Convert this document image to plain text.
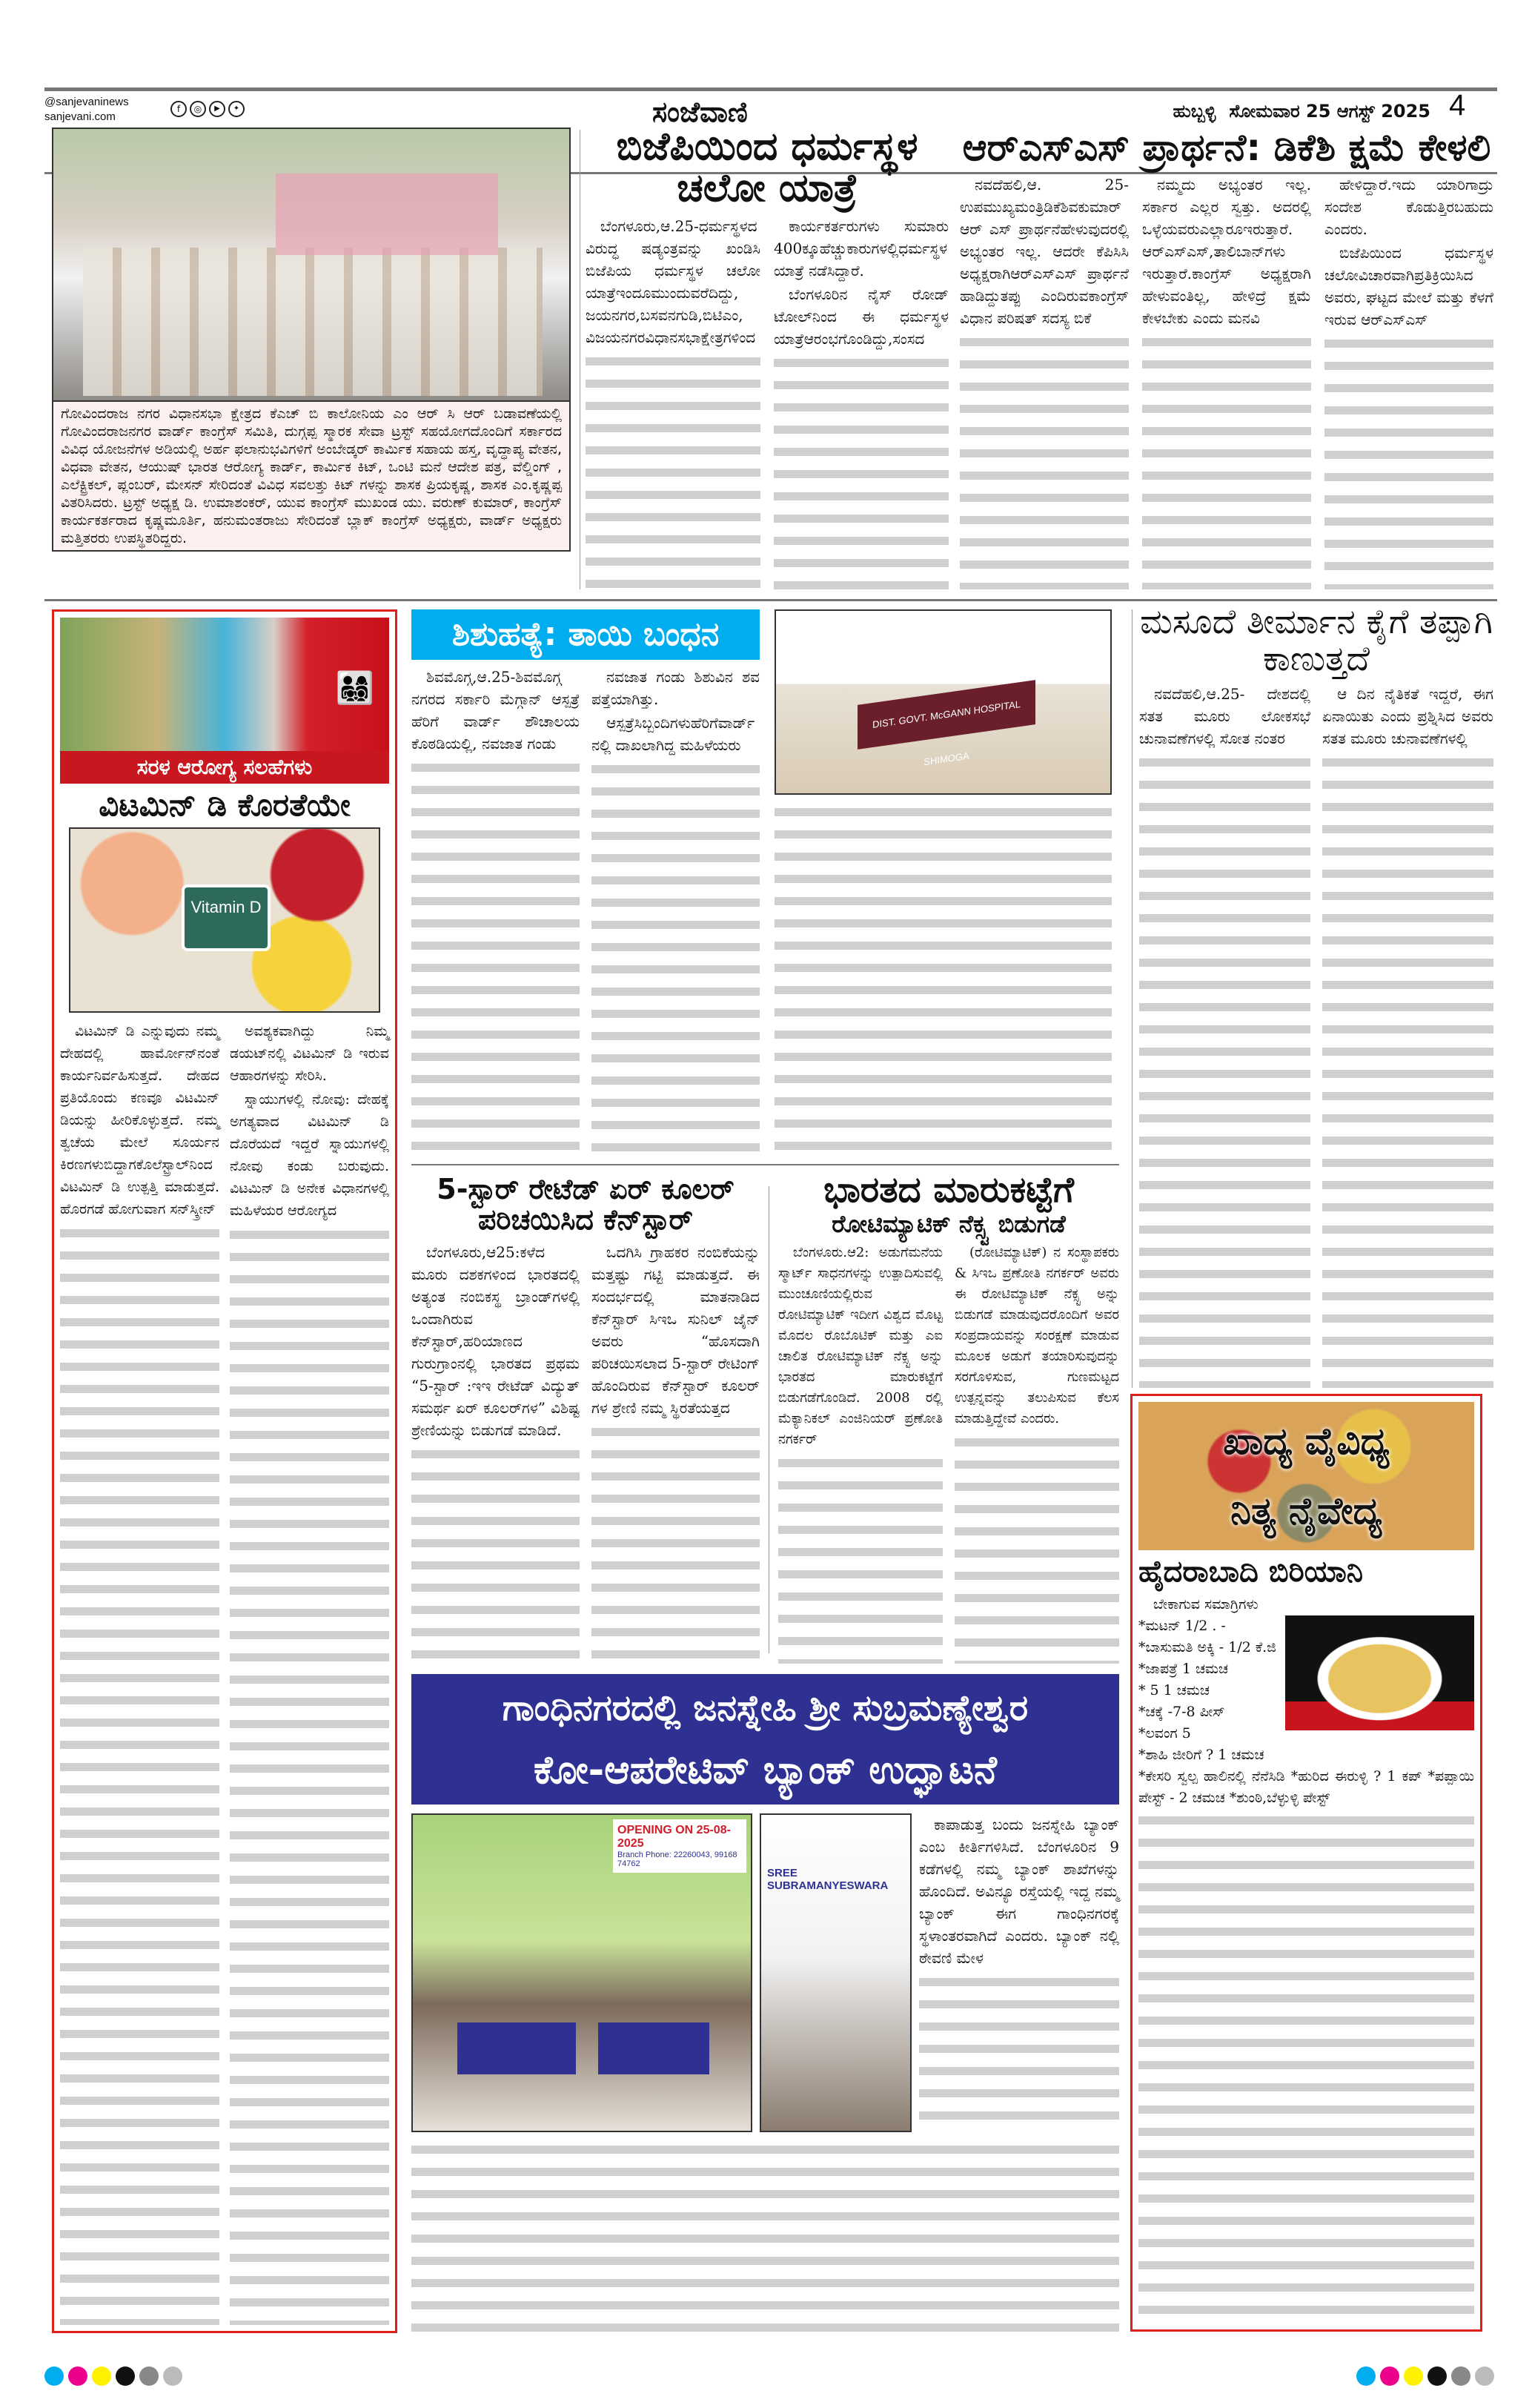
@sanjevaninews
sanjevani.com
f	◎	▶	✦	ಸಂಜೆವಾಣಿ	ಹುಬ್ಬಳ್ಳಿ ಸೋಮವಾರ 25 ಆಗಸ್ಟ್ 2025 4
ಗೋವಿಂದರಾಜ ನಗರ ವಿಧಾನಸಭಾ ಕ್ಷೇತ್ರದ ಕೆಎಚ್ ಬಿ ಕಾಲೋನಿಯ ಎಂ ಆರ್ ಸಿ ಆರ್ ಬಡಾವಣೆಯಲ್ಲಿ ಗೋವಿಂದರಾಜನಗರ ವಾರ್ಡ್ ಕಾಂಗ್ರೆಸ್ ಸಮಿತಿ, ದುಗ್ಗಪ್ಪ ಸ್ಮಾರಕ ಸೇವಾ ಟ್ರಸ್ಟ್ ಸಹಯೋಗದೊಂದಿಗೆ ಸರ್ಕಾರದ ವಿವಿಧ ಯೋಜನೆಗಳ ಅಡಿಯಲ್ಲಿ ಅರ್ಹ ಫಲಾನುಭವಿಗಳಿಗೆ ಅಂಬೇಡ್ಕರ್ ಕಾರ್ಮಿಕ ಸಹಾಯ ಹಸ್ತ, ವೃದ್ಧಾಪ್ಯ ವೇತನ, ವಿಧವಾ ವೇತನ, ಆಯುಷ್ ಭಾರತ ಆರೋಗ್ಯ ಕಾರ್ಡ್, ಕಾರ್ಮಿಕ ಕಿಟ್, ಒಂಟಿ ಮನೆ ಆದೇಶ ಪತ್ರ, ವೆಲ್ಡಿಂಗ್ , ಎಲೆಕ್ಟ್ರಿಕಲ್, ಪ್ಲಂಬರ್, ಮೇಸನ್ ಸೇರಿದಂತೆ ವಿವಿಧ ಸವಲತ್ತು ಕಿಟ್ ಗಳನ್ನು ಶಾಸಕ ಪ್ರಿಯಕೃಷ್ಣ, ಶಾಸಕ ಎಂ.ಕೃಷ್ಣಪ್ಪ ವಿತರಿಸಿದರು. ಟ್ರಸ್ಟ್ ಅಧ್ಯಕ್ಷ ಡಿ. ಉಮಾಶಂಕರ್, ಯುವ ಕಾಂಗ್ರೆಸ್ ಮುಖಂಡ ಯು. ವರುಣ್ ಕುಮಾರ್, ಕಾಂಗ್ರೆಸ್ ಕಾರ್ಯಕರ್ತರಾದ ಕೃಷ್ಣಮೂರ್ತಿ, ಹನುಮಂತರಾಜು ಸೇರಿದಂತೆ ಬ್ಲಾಕ್ ಕಾಂಗ್ರೆಸ್ ಅಧ್ಯಕ್ಷರು, ವಾರ್ಡ್ ಅಧ್ಯಕ್ಷರು ಮತ್ತಿತರರು ಉಪಸ್ಥಿತರಿದ್ದರು.
ಬಿಜೆಪಿಯಿಂದ ಧರ್ಮಸ್ಥಳ ಚಲೋ ಯಾತ್ರೆ

ಬೆಂಗಳೂರು,ಆ.25-ಧರ್ಮಸ್ಥಳದ ವಿರುದ್ಧ ಷಡ್ಯಂತ್ರವನ್ನು ಖಂಡಿಸಿ ಬಿಜೆಪಿಯ ಧರ್ಮಸ್ಥಳ ಚಲೋ ಯಾತ್ರೆಇಂದೂಮುಂದುವರೆದಿದ್ದು, ಜಯನಗರ,ಬಸವನಗುಡಿ,ಬಿಟಿಎಂ, ವಿಜಯನಗರವಿಧಾನಸಭಾಕ್ಷೇತ್ರಗಳಿಂದ

ಕಾರ್ಯಕರ್ತರುಗಳು ಸುಮಾರು 400ಕ್ಕೂಹೆಚ್ಚುಕಾರುಗಳಲ್ಲಿಧರ್ಮಸ್ಥಳ ಯಾತ್ರೆ ನಡೆಸಿದ್ದಾರೆ.

ಬೆಂಗಳೂರಿನ ನೈಸ್ ರೋಡ್ ಟೋಲ್‌ನಿಂದ ಈ ಧರ್ಮಸ್ಥಳ ಯಾತ್ರೆಆರಂಭಗೊಂಡಿದ್ದು,ಸಂಸದ

ಆರ್‌ಎಸ್‌ಎಸ್ ಪ್ರಾರ್ಥನೆ: ಡಿಕೆಶಿ ಕ್ಷಮೆ ಕೇಳಲಿ

ನವದೆಹಲಿ,ಆ. 25- ಉಪಮುಖ್ಯಮಂತ್ರಿಡಿಕೆಶಿವಕುಮಾರ್ ಆರ್ ಎಸ್ ಪ್ರಾರ್ಥನೆಹೇಳುವುದರಲ್ಲಿ ಅಭ್ಯಂತರ ಇಲ್ಲ. ಆದರೇ ಕೆಪಿಸಿಸಿ ಅಧ್ಯಕ್ಷರಾಗಿಆರ್‌ಎಸ್‌ಎಸ್ ಪ್ರಾರ್ಥನೆ ಹಾಡಿದ್ದುತಪ್ಪು ಎಂದಿರುವಕಾಂಗ್ರೆಸ್ ವಿಧಾನ ಪರಿಷತ್ ಸದಸ್ಯ ಬಿಕೆ

ನಮ್ಮದು ಅಭ್ಯಂತರ ಇಲ್ಲ. ಸರ್ಕಾರ ಎಲ್ಲರ ಸ್ವತ್ತು. ಅದರಲ್ಲಿ ಒಳ್ಳೆಯವರುಎಲ್ಲಾರೂಇರುತ್ತಾರೆ. ಆರ್‌ಎಸ್‌ಎಸ್,ತಾಲಿಬಾನ್‌ಗಳು ಇರುತ್ತಾರೆ.ಕಾಂಗ್ರೆಸ್ ಅಧ್ಯಕ್ಷರಾಗಿ ಹೇಳುವಂತಿಲ್ಲ, ಹೇಳಿದ್ರೆ ಕ್ಷಮೆ ಕೇಳಬೇಕು ಎಂದು ಮನವಿ

ಹೇಳಿದ್ದಾರೆ.ಇದು ಯಾರಿಗಾದ್ರು ಸಂದೇಶ ಕೊಡುತ್ತಿರಬಹುದು ಎಂದರು.

ಬಿಜೆಪಿಯಿಂದ ಧರ್ಮಸ್ಥಳ ಚಲೋವಿಚಾರವಾಗಿಪ್ರತಿಕ್ರಿಯಿಸಿದ ಅವರು, ಘಟ್ಟದ ಮೇಲೆ ಮತ್ತು ಕೆಳಗೆ ಇರುವ ಆರ್‌ಎಸ್‌ಎಸ್

👨‍👩‍👧‍👦
ಸರಳ ಆರೋಗ್ಯ ಸಲಹೆಗಳು
ವಿಟಮಿನ್ ಡಿ ಕೊರತೆಯೇ
Vitamin D

ವಿಟಮಿನ್ ಡಿ ಎನ್ನುವುದು ನಮ್ಮ ದೇಹದಲ್ಲಿ ಹಾರ್ಮೋನ್‌ನಂತೆ ಕಾರ್ಯನಿರ್ವಹಿಸುತ್ತದೆ. ದೇಹದ ಪ್ರತಿಯೊಂದು ಕಣವೂ ವಿಟಮಿನ್ ಡಿಯನ್ನು ಹೀರಿಕೊಳ್ಳುತ್ತದೆ. ನಮ್ಮ ತ್ವಚೆಯ ಮೇಲೆ ಸೂರ್ಯನ ಕಿರಣಗಳುಬಿದ್ದಾಗಕೊಲೆಸ್ಟ್ರಾಲ್‌ನಿಂದ ವಿಟಮಿನ್ ಡಿ ಉತ್ಪತ್ತಿ ಮಾಡುತ್ತದೆ. ಹೊರಗಡೆ ಹೋಗುವಾಗ ಸನ್‌ಸ್ಕ್ರೀನ್

ಅವಶ್ಯಕವಾಗಿದ್ದು ನಿಮ್ಮ ಡಯಟ್‌ನಲ್ಲಿ ವಿಟಮಿನ್ ಡಿ ಇರುವ ಆಹಾರಗಳನ್ನು ಸೇರಿಸಿ.

ಸ್ನಾಯುಗಳಲ್ಲಿ ನೋವು: ದೇಹಕ್ಕೆ ಅಗತ್ಯವಾದ ವಿಟಮಿನ್ ಡಿ ದೊರೆಯದೆ ಇದ್ದರೆ ಸ್ನಾಯುಗಳಲ್ಲಿ ನೋವು ಕಂಡು ಬರುವುದು. ವಿಟಮಿನ್ ಡಿ ಅನೇಕ ವಿಧಾನಗಳಲ್ಲಿ ಮಹಿಳೆಯರ ಆರೋಗ್ಯದ

ಶಿಶುಹತ್ಯೆ: ತಾಯಿ ಬಂಧನ

ಶಿವಮೊಗ್ಗ,ಆ.25-ಶಿವಮೊಗ್ಗ ನಗರದ ಸರ್ಕಾರಿ ಮೆಗ್ಗಾನ್ ಆಸ್ಪತ್ರೆ ಹೆರಿಗೆ ವಾರ್ಡ್ ಶೌಚಾಲಯ ಕೊಠಡಿಯಲ್ಲಿ, ನವಜಾತ ಗಂಡು

ನವಜಾತ ಗಂಡು ಶಿಶುವಿನ ಶವ ಪತ್ತೆಯಾಗಿತ್ತು.

ಆಸ್ಪತ್ರೆಸಿಬ್ಬಂದಿಗಳುಹೆರಿಗೆವಾರ್ಡ್ ನಲ್ಲಿ ದಾಖಲಾಗಿದ್ದ ಮಹಿಳೆಯರು

DIST. GOVT. McGANN HOSPITAL SHIMOGA
ಮಸೂದೆ ತೀರ್ಮಾನ ಕೈಗೆ ತಪ್ಪಾಗಿ ಕಾಣುತ್ತದೆ

ನವದೆಹಲಿ,ಆ.25- ದೇಶದಲ್ಲಿ ಸತತ ಮೂರು ಲೋಕಸಭೆ ಚುನಾವಣೆಗಳಲ್ಲಿ ಸೋತ ನಂತರ

ಆ ದಿನ ನೈತಿಕತೆ ಇದ್ದರೆ, ಈಗ ಏನಾಯಿತು ಎಂದು ಪ್ರಶ್ನಿಸಿದ ಅವರು ಸತತ ಮೂರು ಚುನಾವಣೆಗಳಲ್ಲಿ

5-ಸ್ಟಾರ್ ರೇಟೆಡ್ ಏರ್ ಕೂಲರ್ ಪರಿಚಯಿಸಿದ ಕೆನ್‌ಸ್ಟಾರ್

ಬೆಂಗಳೂರು,ಆ25:ಕಳೆದ ಮೂರು ದಶಕಗಳಿಂದ ಭಾರತದಲ್ಲಿ ಅತ್ಯಂತ ನಂಬಿಕಸ್ಥ ಬ್ರಾಂಡ್‌ಗಳಲ್ಲಿ ಒಂದಾಗಿರುವ ಕೆನ್‌ಸ್ಟಾರ್,ಹರಿಯಾಣದ ಗುರುಗ್ರಾಂನಲ್ಲಿ ಭಾರತದ ಪ್ರಥಮ “5-ಸ್ಟಾರ್ :ಇಇ ರೇಟೆಡ್ ವಿದ್ಯುತ್ ಸಮರ್ಥ ಏರ್ ಕೂಲರ್‌ಗಳ” ವಿಶಿಷ್ಟ ಶ್ರೇಣಿಯನ್ನು ಬಿಡುಗಡೆ ಮಾಡಿದೆ.

ಒದಗಿಸಿ ಗ್ರಾಹಕರ ನಂಬಿಕೆಯನ್ನು ಮತ್ತಷ್ಟು ಗಟ್ಟಿ ಮಾಡುತ್ತದೆ. ಈ ಸಂದರ್ಭದಲ್ಲಿ ಮಾತನಾಡಿದ ಕೆನ್‌ಸ್ಟಾರ್ ಸಿಇಒ ಸುನಿಲ್ ಜೈನ್ ಅವರು “ಹೊಸದಾಗಿ ಪರಿಚಯಿಸಲಾದ 5-ಸ್ಟಾರ್ ರೇಟಿಂಗ್ ಹೊಂದಿರುವ ಕೆನ್‌ಸ್ಟಾರ್ ಕೂಲರ್ ಗಳ ಶ್ರೇಣಿ ನಮ್ಮ ಸ್ಥಿರತೆಯತ್ತದ

ಭಾರತದ ಮಾರುಕಟ್ಟೆಗೆ
ರೋಟಿಮ್ಯಾಟಿಕ್ ನೆಕ್ಸ್ಟ ಬಿಡುಗಡೆ

ಬೆಂಗಳೂರು.ಆ2: ಅಡುಗೆಮನೆಯ ಸ್ಮಾರ್ಟ್ ಸಾಧನಗಳನ್ನು ಉತ್ಪಾದಿಸುವಲ್ಲಿ ಮುಂಚೂಣಿಯಲ್ಲಿರುವ ರೋಟಿಮ್ಯಾಟಿಕ್ ಇದೀಗ ವಿಶ್ವದ ಮೊಟ್ಟ ಮೊದಲ ರೊಬೊಟಿಕ್ ಮತ್ತು ಎಐ ಚಾಲಿತ ರೋಟಿಮ್ಯಾಟಿಕ್ ನೆಕ್ಸ್ಟ ಅನ್ನು ಭಾರತದ ಮಾರುಕಟ್ಟೆಗೆ ಬಿಡುಗಡೆಗೊಂಡಿದೆ. 2008 ರಲ್ಲಿ ಮೆಕ್ಯಾನಿಕಲ್ ಎಂಜಿನಿಯರ್ ಪ್ರಣೋತಿ ನಗರ್ಕರ್

(ರೋಟಿಮ್ಯಾಟಿಕ್) ನ ಸಂಸ್ಥಾಪಕರು & ಸಿಇಒ ಪ್ರಣೋತಿ ನಗರ್ಕರ್ ಅವರು ಈ ರೋಟಿಮ್ಯಾಟಿಕ್ ನೆಕ್ಸ್ಟ ಅನ್ನು ಬಿಡುಗಡೆ ಮಾಡುವುದರೊಂದಿಗೆ ಅವರ ಸಂಪ್ರದಾಯವನ್ನು ಸಂರಕ್ಷಣೆ ಮಾಡುವ ಮೂಲಕ ಅಡುಗೆ ತಯಾರಿಸುವುದನ್ನು ಸರಗೊಳಿಸುವ, ಗುಣಮಟ್ಟದ ಉತ್ಪನ್ನವನ್ನು ತಲುಪಿಸುವ ಕೆಲಸ ಮಾಡುತ್ತಿದ್ದೇವೆ ಎಂದರು.

ಗಾಂಧಿನಗರದಲ್ಲಿ ಜನಸ್ನೇಹಿ ಶ್ರೀ ಸುಬ್ರಮಣ್ಯೇಶ್ವರ
ಕೋ-ಆಪರೇಟಿವ್ ಬ್ಯಾಂಕ್ ಉದ್ಘಾಟನೆ
OPENING ON 25-08-2025
Branch Phone: 22260043, 99168 74762
SREE SUBRAMANYESWARA

ಕಾಪಾಡುತ್ತ ಬಂದು ಜನಸ್ನೇಹಿ ಬ್ಯಾಂಕ್ ಎಂಬ ಕೀರ್ತಿಗಳಿಸಿದೆ. ಬೆಂಗಳೂರಿನ 9 ಕಡೆಗಳಲ್ಲಿ ನಮ್ಮ ಬ್ಯಾಂಕ್ ಶಾಖೆಗಳನ್ನು ಹೊಂದಿದೆ. ಅವಿನ್ಯೂ ರಸ್ತೆಯಲ್ಲಿ ಇದ್ದ ನಮ್ಮ ಬ್ಯಾಂಕ್ ಈಗ ಗಾಂಧಿನಗರಕ್ಕೆ ಸ್ಥಳಾಂತರವಾಗಿದೆ ಎಂದರು. ಬ್ಯಾಂಕ್ ನಲ್ಲಿ ಠೇವಣಿ ಮೇಳ

ಖಾದ್ಯ ವೈವಿಧ್ಯ
ನಿತ್ಯ ನೈವೇದ್ಯ
ಹೈದರಾಬಾದಿ ಬಿರಿಯಾನಿ
ಬೇಕಾಗುವ ಸಮಾಗ್ರಿಗಳು
*ಮಟನ್ 1/2 . -
*ಬಾಸುಮತಿ ಅಕ್ಕಿ - 1/2 ಕೆ.ಜಿ
*ಜಾಪತ್ರೆ 1 ಚಮಚ
* 5 1 ಚಮಚ
*ಚಕ್ಕೆ -7-8 ಪೀಸ್
*ಲವಂಗ 5
*ಶಾಹಿ ಜೀರಿಗೆ ? 1 ಚಮಚ
*ಕೇಸರಿ ಸ್ವಲ್ಪ ಹಾಲಿನಲ್ಲಿ ನೆನೆಸಿಡಿ *ಹುರಿದ ಈರುಳ್ಳಿ ? 1 ಕಪ್ *ಪಪ್ಪಾಯಿ ಪೇಸ್ಟ್ - 2 ಚಮಚ *ಶುಂಠಿ,ಬೆಳ್ಳುಳ್ಳಿ ಪೇಸ್ಟ್
